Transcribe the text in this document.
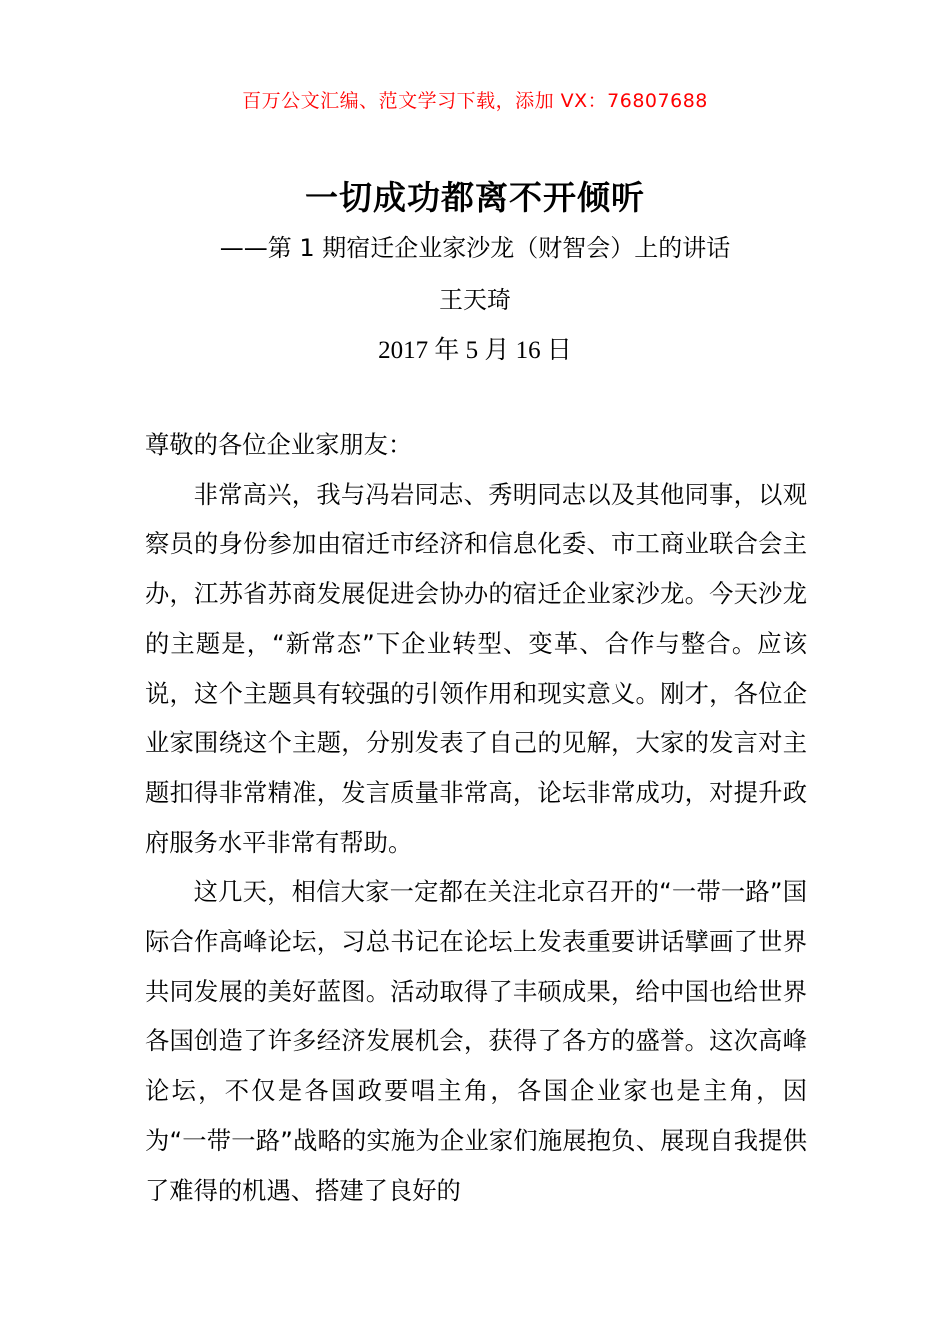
百万公文汇编、范文学习下载，添加 VX：76807688
一切成功都离不开倾听
——第 1 期宿迁企业家沙龙（财智会）上的讲话
王天琦
2017 年 5 月 16 日

尊敬的各位企业家朋友：

非常高兴，我与冯岩同志、秀明同志以及其他同事，以观察员的身份参加由宿迁市经济和信息化委、市工商业联合会主办，江苏省苏商发展促进会协办的宿迁企业家沙龙。今天沙龙的主题是，“新常态”下企业转型、变革、合作与整合。应该说，这个主题具有较强的引领作用和现实意义。刚才，各位企业家围绕这个主题，分别发表了自己的见解，大家的发言对主题扣得非常精准，发言质量非常高，论坛非常成功，对提升政府服务水平非常有帮助。

这几天，相信大家一定都在关注北京召开的“一带一路”国际合作高峰论坛，习总书记在论坛上发表重要讲话擘画了世界共同发展的美好蓝图。活动取得了丰硕成果，给中国也给世界各国创造了许多经济发展机会，获得了各方的盛誉。这次高峰论坛，不仅是各国政要唱主角，各国企业家也是主角，因为“一带一路”战略的实施为企业家们施展抱负、展现自我提供了难得的机遇、搭建了良好的
